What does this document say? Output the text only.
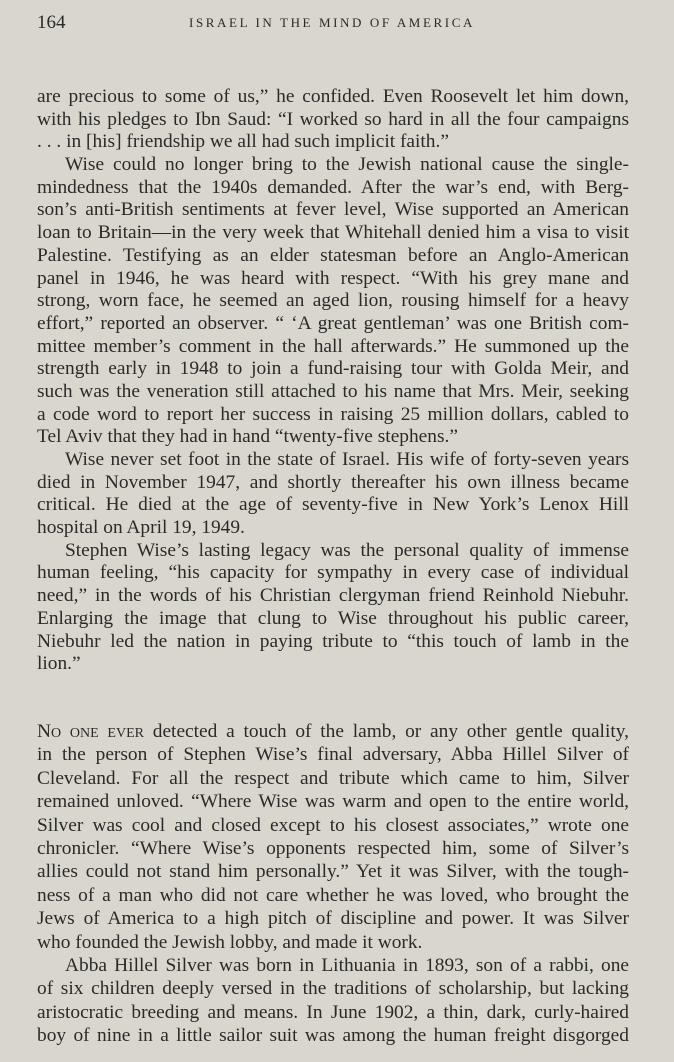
164	ISRAEL IN THE MIND OF AMERICA
are precious to some of us,” he confided. Even Roosevelt let him down,
with his pledges to Ibn Saud: “I worked so hard in all the four campaigns
. . . in [his] friendship we all had such implicit faith.”
Wise could no longer bring to the Jewish national cause the single-
mindedness that the 1940s demanded. After the war’s end, with Berg-
son’s anti-British sentiments at fever level, Wise supported an American
loan to Britain—in the very week that Whitehall denied him a visa to visit
Palestine. Testifying as an elder statesman before an Anglo-American
panel in 1946, he was heard with respect. “With his grey mane and
strong, worn face, he seemed an aged lion, rousing himself for a heavy
effort,” reported an observer. “ ‘A great gentleman’ was one British com-
mittee member’s comment in the hall afterwards.” He summoned up the
strength early in 1948 to join a fund-raising tour with Golda Meir, and
such was the veneration still attached to his name that Mrs. Meir, seeking
a code word to report her success in raising 25 million dollars, cabled to
Tel Aviv that they had in hand “twenty-five stephens.”
Wise never set foot in the state of Israel. His wife of forty-seven years
died in November 1947, and shortly thereafter his own illness became
critical. He died at the age of seventy-five in New York’s Lenox Hill
hospital on April 19, 1949.
Stephen Wise’s lasting legacy was the personal quality of immense
human feeling, “his capacity for sympathy in every case of individual
need,” in the words of his Christian clergyman friend Reinhold Niebuhr.
Enlarging the image that clung to Wise throughout his public career,
Niebuhr led the nation in paying tribute to “this touch of lamb in the
lion.”
No one ever detected a touch of the lamb, or any other gentle quality,
in the person of Stephen Wise’s final adversary, Abba Hillel Silver of
Cleveland. For all the respect and tribute which came to him, Silver
remained unloved. “Where Wise was warm and open to the entire world,
Silver was cool and closed except to his closest associates,” wrote one
chronicler. “Where Wise’s opponents respected him, some of Silver’s
allies could not stand him personally.” Yet it was Silver, with the tough-
ness of a man who did not care whether he was loved, who brought the
Jews of America to a high pitch of discipline and power. It was Silver
who founded the Jewish lobby, and made it work.
Abba Hillel Silver was born in Lithuania in 1893, son of a rabbi, one
of six children deeply versed in the traditions of scholarship, but lacking
aristocratic breeding and means. In June 1902, a thin, dark, curly-haired
boy of nine in a little sailor suit was among the human freight disgorged
